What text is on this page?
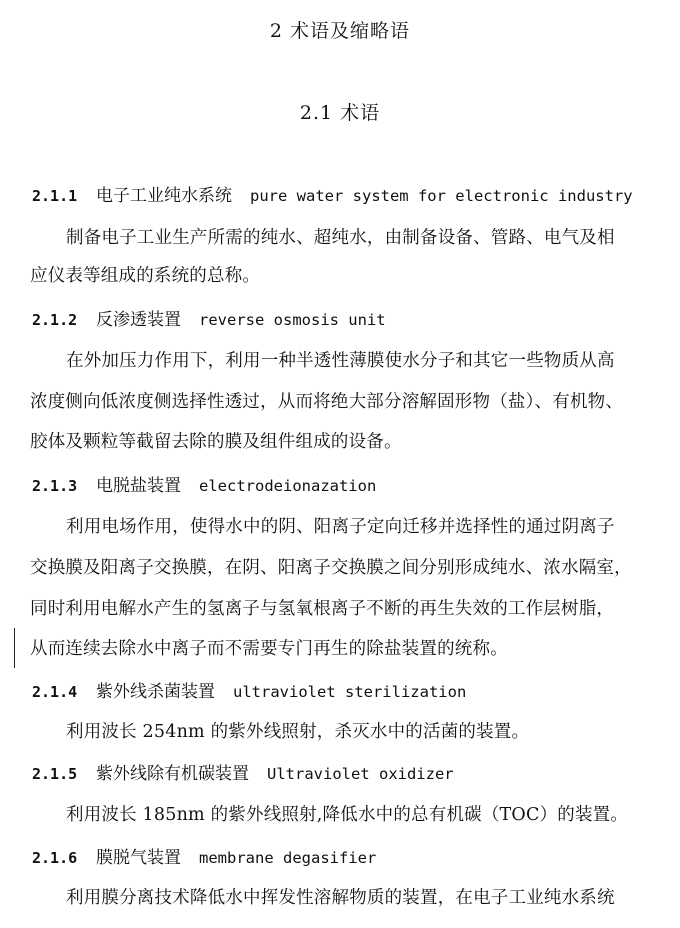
2 术语及缩略语
2.1 术语
2.1.1 电子工业纯水系统 pure water system for electronic industry
制备电子工业生产所需的纯水、超纯水，由制备设备、管路、电气及相
应仪表等组成的系统的总称。
2.1.2 反渗透装置 reverse osmosis unit
在外加压力作用下，利用一种半透性薄膜使水分子和其它一些物质从高
浓度侧向低浓度侧选择性透过，从而将绝大部分溶解固形物（盐）、有机物、
胶体及颗粒等截留去除的膜及组件组成的设备。
2.1.3 电脱盐装置 electrodeionazation
利用电场作用，使得水中的阴、阳离子定向迁移并选择性的通过阴离子
交换膜及阳离子交换膜，在阴、阳离子交换膜之间分别形成纯水、浓水隔室，
同时利用电解水产生的氢离子与氢氧根离子不断的再生失效的工作层树脂，
从而连续去除水中离子而不需要专门再生的除盐装置的统称。
2.1.4 紫外线杀菌装置 ultraviolet sterilization
利用波长 254nm 的紫外线照射，杀灭水中的活菌的装置。
2.1.5 紫外线除有机碳装置 Ultraviolet oxidizer
利用波长 185nm 的紫外线照射,降低水中的总有机碳（TOC）的装置。
2.1.6 膜脱气装置 membrane degasifier
利用膜分离技术降低水中挥发性溶解物质的装置，在电子工业纯水系统
